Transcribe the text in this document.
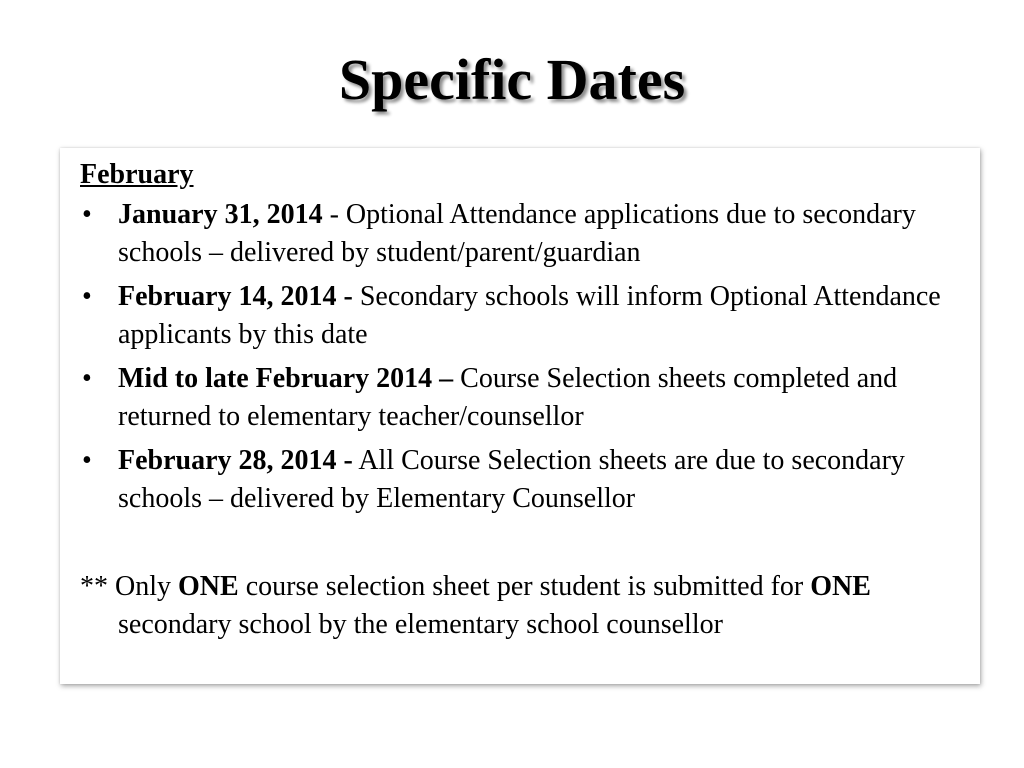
Specific Dates
February
• January 31, 2014 - Optional Attendance applications due to secondary schools – delivered by student/parent/guardian
• February 14, 2014 - Secondary schools will inform Optional Attendance applicants by this date
• Mid to late February 2014 – Course Selection sheets completed and returned to elementary teacher/counsellor
• February 28, 2014 - All Course Selection sheets are due to secondary schools – delivered by Elementary Counsellor
** Only ONE course selection sheet per student is submitted for ONE secondary school by the elementary school counsellor
